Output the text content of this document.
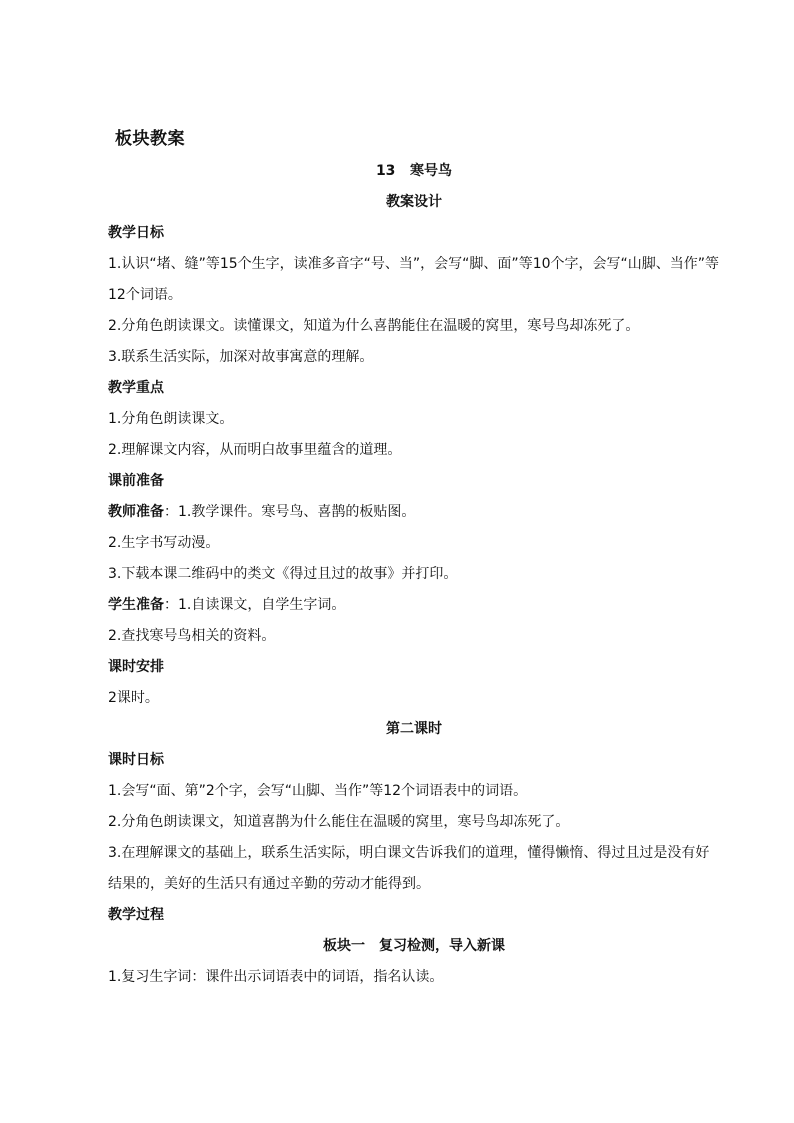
板块教案
13 寒号鸟
教案设计
教学日标
1.认识“堵、缝”等15个生字，读准多音字“号、当”，会写“脚、面”等10个字，会写“山脚、当作”等12个词语。
2.分角色朗读课文。读懂课文，知道为什么喜鹊能住在温暖的窝里，寒号鸟却冻死了。
3.联系生活实际，加深对故事寓意的理解。
教学重点
1.分角色朗读课文。
2.理解课文内容，从而明白故事里蕴含的道理。
课前准备
教师准备：1.教学课件。寒号鸟、喜鹊的板贴图。
2.生字书写动漫。
3.下载本课二维码中的类文《得过且过的故事》并打印。
学生准备：1.自读课文，自学生字词。
2.查找寒号鸟相关的资料。
课时安排
2课时。
第二课时
课时日标
1.会写“面、第”2个字，会写“山脚、当作”等12个词语表中的词语。
2.分角色朗读课文，知道喜鹊为什么能住在温暖的窝里，寒号鸟却冻死了。
3.在理解课文的基础上，联系生活实际，明白课文告诉我们的道理，懂得懒惰、得过且过是没有好结果的，美好的生活只有通过辛勤的劳动才能得到。
教学过程
板块一　复习检测，导入新课
1.复习生字词：课件出示词语表中的词语，指名认读。
